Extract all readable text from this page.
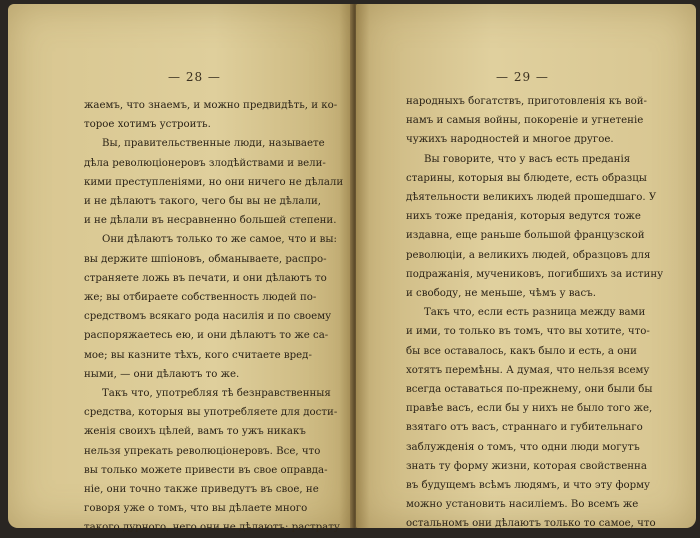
— 28 —
жаемъ, что знаемъ, и можно предвидѣть, и ко-
торое хотимъ устроить.
Вы, правительственные люди, называете
дѣла революціонеровъ злодѣйствами и вели-
кими преступленіями, но они ничего не дѣлали
и не дѣлаютъ такого, чего бы вы не дѣлали,
и не дѣлали въ несравненно большей степени.
Они дѣлаютъ только то же самое, что и вы:
вы держите шпіоновъ, обманываете, распро-
страняете ложь въ печати, и они дѣлаютъ то
же; вы отбираете собственность людей по-
средствомъ всякаго рода насилія и по своему
распоряжаетесь ею, и они дѣлаютъ то же са-
мое; вы казните тѣхъ, кого считаете вред-
ными, — они дѣлаютъ то же.
Такъ что, употребляя тѣ безнравственныя
средства, которыя вы употребляете для дости-
женія своихъ цѣлей, вамъ то ужъ никакъ
нельзя упрекать революціонеровъ. Все, что
вы только можете привести въ свое оправда-
ніе, они точно также приведутъ въ свое, не
говоря уже о томъ, что вы дѣлаете много
такого дурного, чего они не дѣлаютъ: растрату
— 29 —
народныхъ богатствъ, приготовленія къ вой-
намъ и самыя войны, покореніе и угнетеніе
чужихъ народностей и многое другое.
Вы говорите, что у васъ есть преданія
старины, которыя вы блюдете, есть образцы
дѣятельности великихъ людей прошедшаго. У
нихъ тоже преданія, которыя ведутся тоже
издавна, еще раньше большой французской
революціи, а великихъ людей, образцовъ для
подражанія, мучениковъ, погибшихъ за истину
и свободу, не меньше, чѣмъ у васъ.
Такъ что, если есть разница между вами
и ими, то только въ томъ, что вы хотите, что-
бы все оставалось, какъ было и есть, а они
хотятъ перемѣны. А думая, что нельзя всему
всегда оставаться по-прежнему, они были бы
правѣе васъ, если бы у нихъ не было того же,
взятаго отъ васъ, страннаго и губительнаго
заблужденія о томъ, что одни люди могутъ
знать ту форму жизни, которая свойственна
въ будущемъ всѣмъ людямъ, и что эту форму
можно установить насиліемъ. Во всемъ же
остальномъ они дѣлаютъ только то самое, что
